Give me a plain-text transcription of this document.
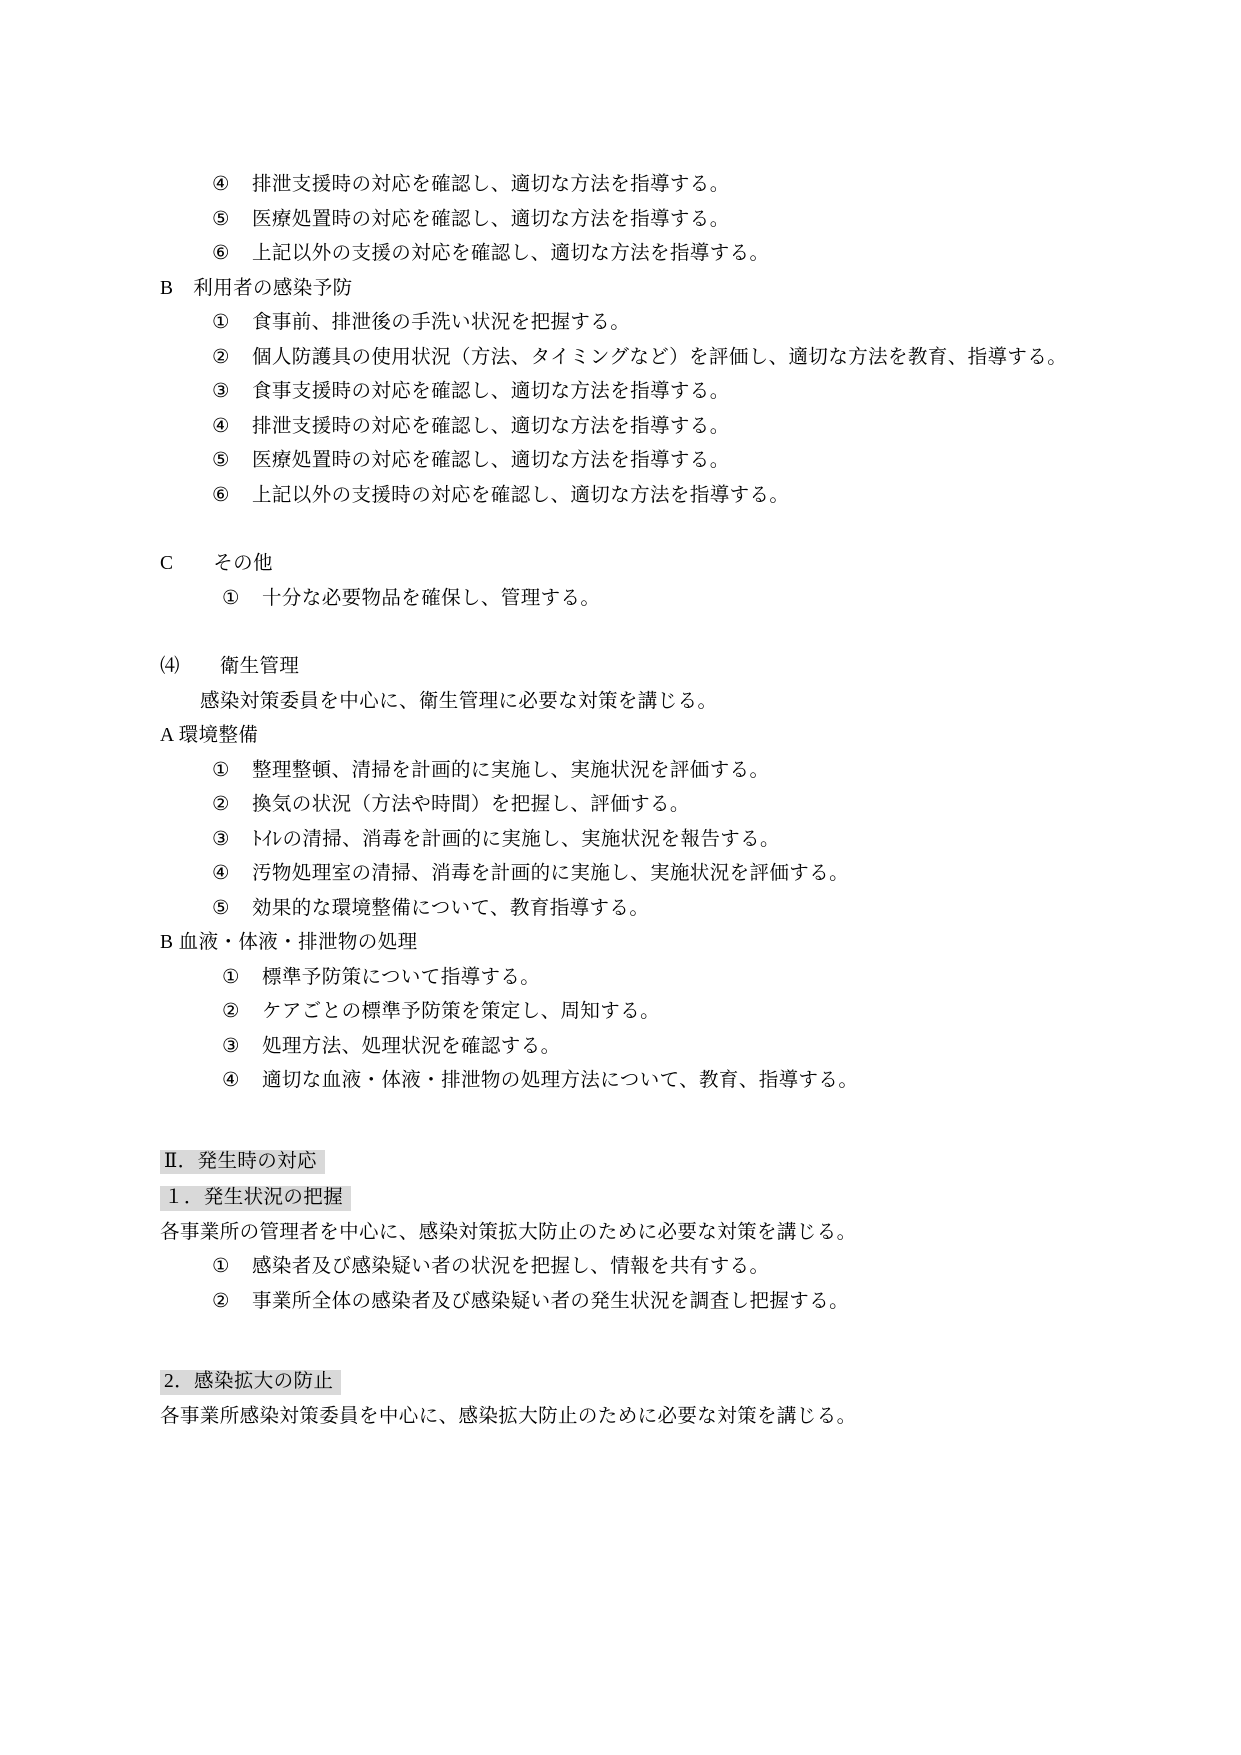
④ 排泄支援時の対応を確認し、適切な方法を指導する。
⑤ 医療処置時の対応を確認し、適切な方法を指導する。
⑥ 上記以外の支援の対応を確認し、適切な方法を指導する。
B　利用者の感染予防
① 食事前、排泄後の手洗い状況を把握する。
② 個人防護具の使用状況（方法、タイミングなど）を評価し、適切な方法を教育、指導する。
③ 食事支援時の対応を確認し、適切な方法を指導する。
④ 排泄支援時の対応を確認し、適切な方法を指導する。
⑤ 医療処置時の対応を確認し、適切な方法を指導する。
⑥ 上記以外の支援時の対応を確認し、適切な方法を指導する。
C　　その他
① 十分な必要物品を確保し、管理する。
⑷　　衛生管理
感染対策委員を中心に、衛生管理に必要な対策を講じる。
A 環境整備
① 整理整頓、清掃を計画的に実施し、実施状況を評価する。
② 換気の状況（方法や時間）を把握し、評価する。
③ ﾄｲﾚの清掃、消毒を計画的に実施し、実施状況を報告する。
④ 汚物処理室の清掃、消毒を計画的に実施し、実施状況を評価する。
⑤ 効果的な環境整備について、教育指導する。
B 血液・体液・排泄物の処理
① 標準予防策について指導する。
② ケアごとの標準予防策を策定し、周知する。
③ 処理方法、処理状況を確認する。
④ 適切な血液・体液・排泄物の処理方法について、教育、指導する。
Ⅱ．発生時の対応
１．発生状況の把握
各事業所の管理者を中心に、感染対策拡大防止のために必要な対策を講じる。
① 感染者及び感染疑い者の状況を把握し、情報を共有する。
② 事業所全体の感染者及び感染疑い者の発生状況を調査し把握する。
2．感染拡大の防止
各事業所感染対策委員を中心に、感染拡大防止のために必要な対策を講じる。
